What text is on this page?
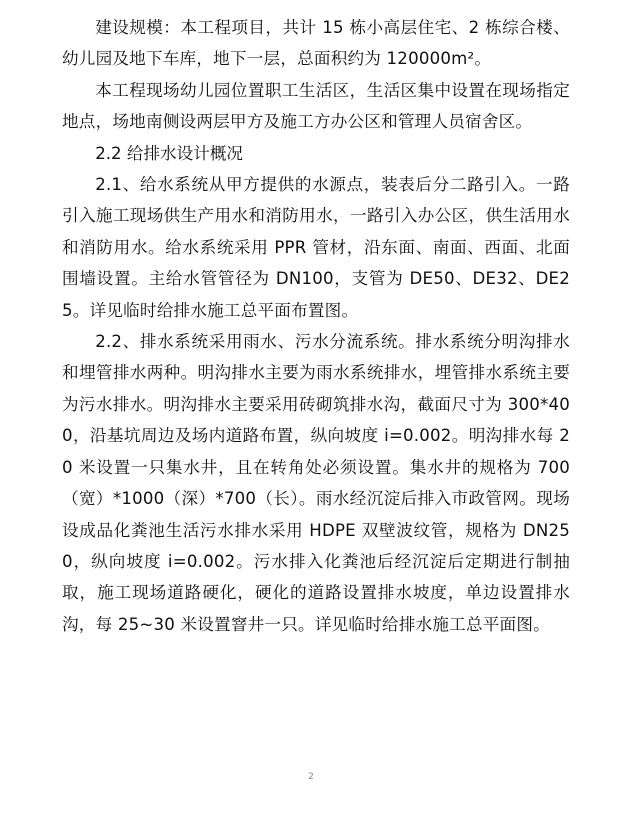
建设规模：本工程项目，共计 15 栋小高层住宅、2 栋综合楼、幼儿园及地下车库，地下一层，总面积约为 120000m²。

本工程现场幼儿园位置职工生活区，生活区集中设置在现场指定地点，场地南侧设两层甲方及施工方办公区和管理人员宿舍区。

2.2 给排水设计概况

2.1、给水系统从甲方提供的水源点，装表后分二路引入。一路引入施工现场供生产用水和消防用水，一路引入办公区，供生活用水和消防用水。给水系统采用 PPR 管材，沿东面、南面、西面、北面围墙设置。主给水管管径为 DN100，支管为 DE50、DE32、DE25。详见临时给排水施工总平面布置图。

2.2、排水系统采用雨水、污水分流系统。排水系统分明沟排水和埋管排水两种。明沟排水主要为雨水系统排水，埋管排水系统主要为污水排水。明沟排水主要采用砖砌筑排水沟，截面尺寸为 300*400，沿基坑周边及场内道路布置，纵向坡度 i=0.002。明沟排水每 20 米设置一只集水井，且在转角处必须设置。集水井的规格为 700（宽）*1000（深）*700（长）。雨水经沉淀后排入市政管网。现场设成品化粪池生活污水排水采用 HDPE 双壁波纹管，规格为 DN250，纵向坡度 i=0.002。污水排入化粪池后经沉淀后定期进行制抽取，施工现场道路硬化，硬化的道路设置排水坡度，单边设置排水沟，每 25~30 米设置窨井一只。详见临时给排水施工总平面图。

2
